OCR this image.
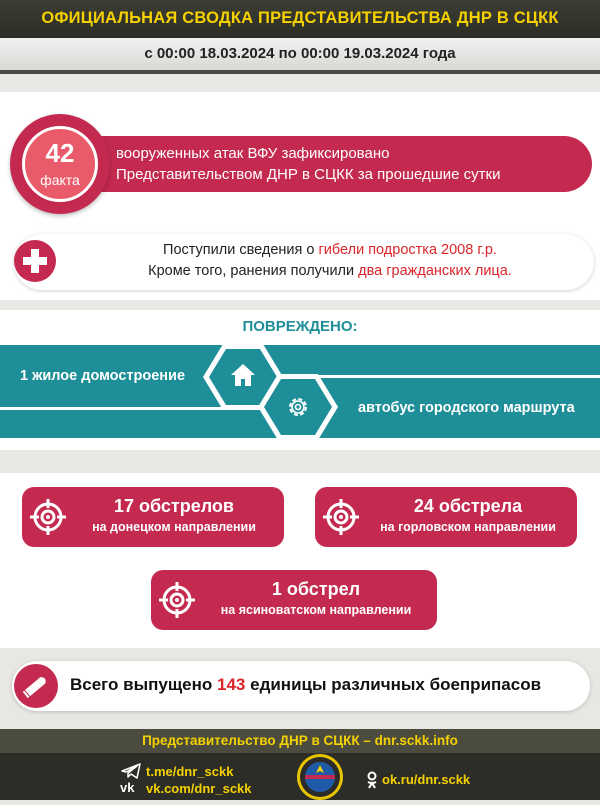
ОФИЦИАЛЬНАЯ СВОДКА ПРЕДСТАВИТЕЛЬСТВА ДНР В СЦКК
с 00:00 18.03.2024 по 00:00 19.03.2024 года
42
факта
вооруженных атак ВФУ зафиксировано
Представительством ДНР в СЦКК за прошедшие сутки
Поступили сведения о гибели подростка 2008 г.р.
Кроме того, ранения получили два гражданских лица.
ПОВРЕЖДЕНО:
1 жилое домостроение
автобус городского маршрута
17 обстрелов
на донецком направлении
24 обстрела
на горловском направлении
1 обстрел
на ясиноватском направлении
Всего выпущено 143 единицы различных боеприпасов
Представительство ДНР в СЦКК – dnr.sckk.info
t.me/dnr_sckk
vk vk.com/dnr_sckk
ok.ru/dnr.sckk
